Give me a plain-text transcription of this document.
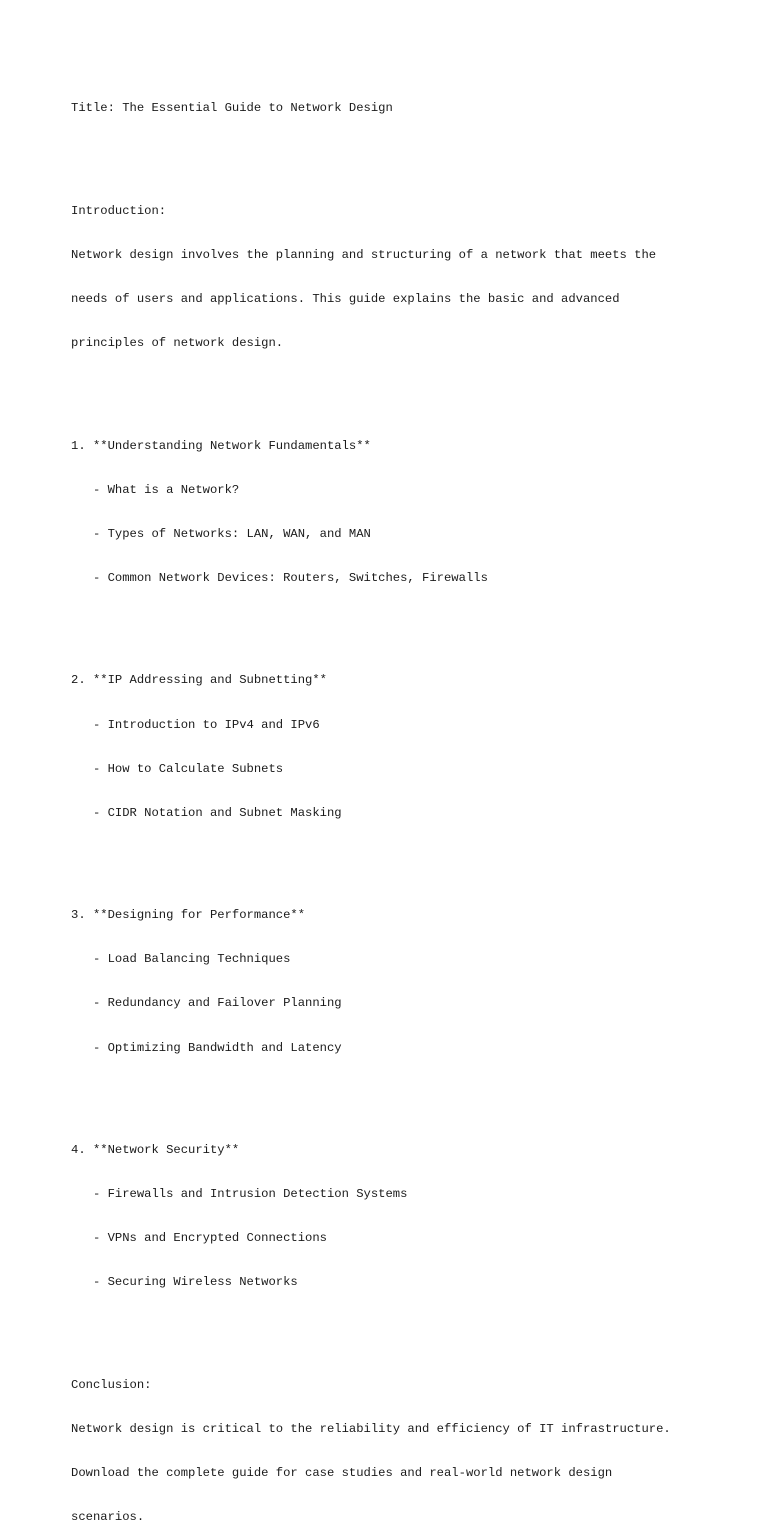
Title: The Essential Guide to Network Design

Introduction:

Network design involves the planning and structuring of a network that meets the

needs of users and applications. This guide explains the basic and advanced

principles of network design.

1. **Understanding Network Fundamentals**

- What is a Network?

- Types of Networks: LAN, WAN, and MAN

- Common Network Devices: Routers, Switches, Firewalls

2. **IP Addressing and Subnetting**

- Introduction to IPv4 and IPv6

- How to Calculate Subnets

- CIDR Notation and Subnet Masking

3. **Designing for Performance**

- Load Balancing Techniques

- Redundancy and Failover Planning

- Optimizing Bandwidth and Latency

4. **Network Security**

- Firewalls and Intrusion Detection Systems

- VPNs and Encrypted Connections

- Securing Wireless Networks

Conclusion:

Network design is critical to the reliability and efficiency of IT infrastructure.

Download the complete guide for case studies and real-world network design

scenarios.
